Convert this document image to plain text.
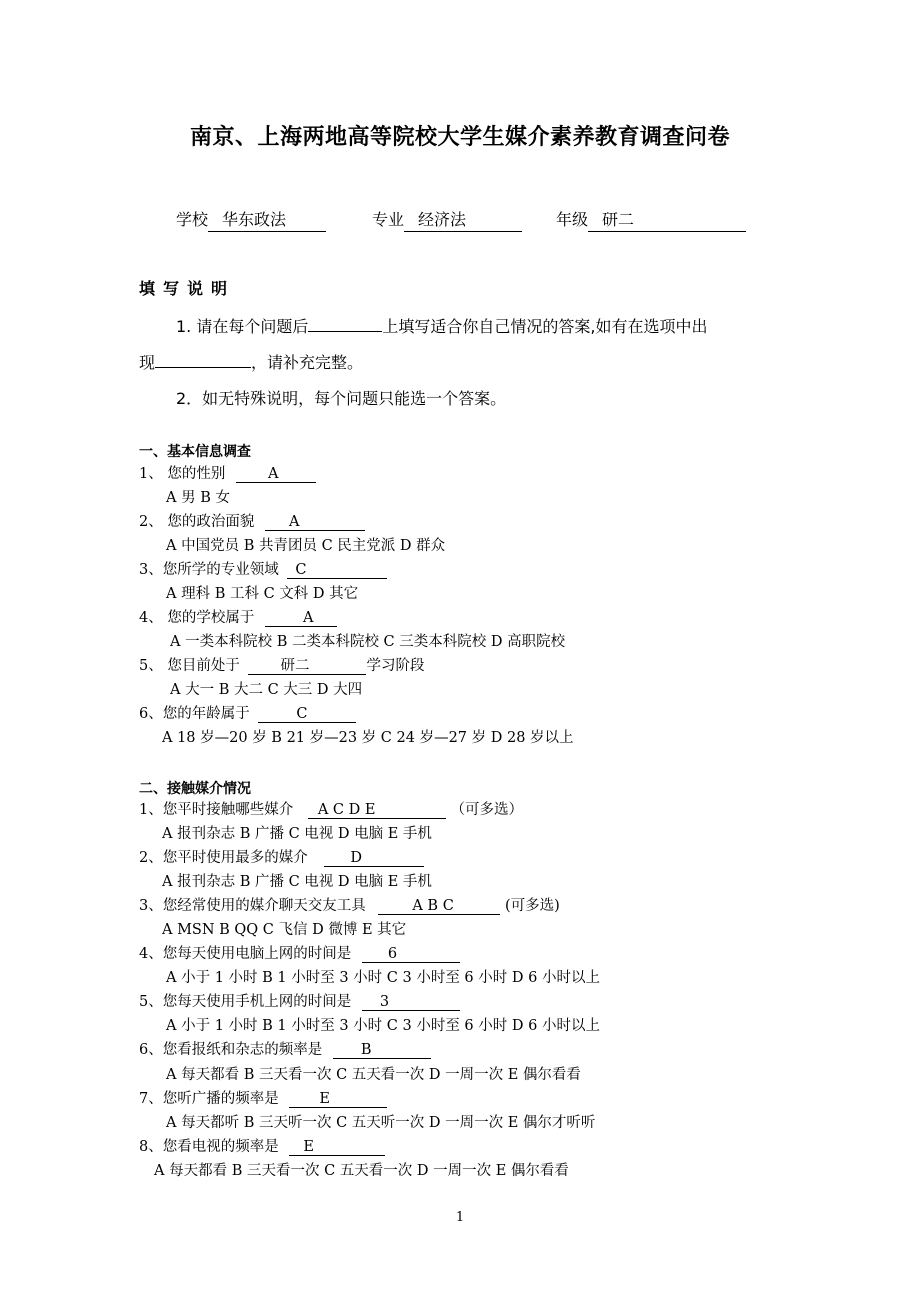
南京、上海两地高等院校大学生媒介素养教育调查问卷
学校 华东政法	专业 经济法	年级 研二
填写说明
1. 请在每个问题后	上填写适合你自己情况的答案,如有在选项中出
现	，请补充完整。
2．如无特殊说明，每个问题只能选一个答案。
一、基本信息调查
1、 您的性别	A
A 男 B 女
2、 您的政治面貌 A
A 中国党员 B 共青团员 C 民主党派 D 群众
3、您所学的专业领域 C
A 理科 B 工科 C 文科 D 其它
4、 您的学校属于	A
A 一类本科院校 B 二类本科院校 C 三类本科院校 D 高职院校
5、 您目前处于	研二	学习阶段
A 大一 B 大二 C 大三 D 大四
6、您的年龄属于	C
A 18 岁—20 岁 B 21 岁—23 岁 C 24 岁—27 岁 D 28 岁以上
二、接触媒介情况
1、您平时接触哪些媒介 A C D E	（可多选）
A 报刊杂志 B 广播 C 电视 D 电脑 E 手机
2、您平时使用最多的媒介	D
A 报刊杂志 B 广播 C 电视 D 电脑 E 手机
3、您经常使用的媒介聊天交友工具	A B C	(可多选)
A MSN B QQ C 飞信 D 微博 E 其它
4、您每天使用电脑上网的时间是	6
A 小于 1 小时 B 1 小时至 3 小时 C 3 小时至 6 小时 D 6 小时以上
5、您每天使用手机上网的时间是 3
A 小于 1 小时 B 1 小时至 3 小时 C 3 小时至 6 小时 D 6 小时以上
6、您看报纸和杂志的频率是	B
A 每天都看 B 三天看一次 C 五天看一次 D 一周一次 E 偶尔看看
7、您听广播的频率是	E
A 每天都听 B 三天听一次 C 五天听一次 D 一周一次 E 偶尔才听听
8、您看电视的频率是 E
A 每天都看 B 三天看一次 C 五天看一次 D 一周一次 E 偶尔看看
1
